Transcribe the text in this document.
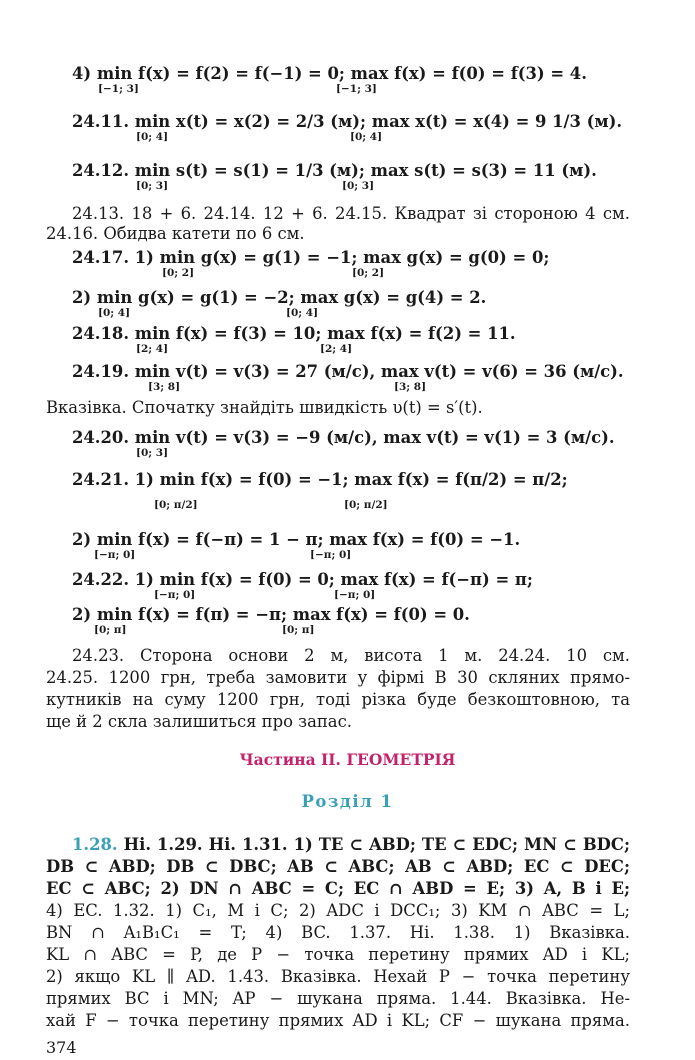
4) min f(x) = f(2) = f(−1) = 0; max f(x) = f(0) = f(3) = 4.
[−1; 3]	[−1; 3]
24.11. min x(t) = x(2) = 2/3 (м); max x(t) = x(4) = 9 1/3 (м).
[0; 4]	[0; 4]
24.12. min s(t) = s(1) = 1/3 (м); max s(t) = s(3) = 11 (м).
[0; 3]	[0; 3]
24.13. 18 + 6. 24.14. 12 + 6. 24.15. Квадрат зі стороною 4 см.
24.16. Обидва катети по 6 см.
24.17. 1) min g(x) = g(1) = −1; max g(x) = g(0) = 0;
[0; 2]	[0; 2]
2) min g(x) = g(1) = −2; max g(x) = g(4) = 2.
[0; 4]	[0; 4]
24.18. min f(x) = f(3) = 10; max f(x) = f(2) = 11.
[2; 4]	[2; 4]
24.19. min v(t) = v(3) = 27 (м/с), max v(t) = v(6) = 36 (м/с).
[3; 8]	[3; 8]
Вказівка. Спочатку знайдіть швидкість υ(t) = s′(t).
24.20. min v(t) = v(3) = −9 (м/с), max v(t) = v(1) = 3 (м/с).
[0; 3]
24.21. 1) min f(x) = f(0) = −1; max f(x) = f(π/2) = π/2;
[0; π/2]	[0; π/2]
2) min f(x) = f(−π) = 1 − π; max f(x) = f(0) = −1.
[−π; 0]	[−π; 0]
24.22. 1) min f(x) = f(0) = 0; max f(x) = f(−π) = π;
[−π; 0]	[−π; 0]
2) min f(x) = f(π) = −π; max f(x) = f(0) = 0.
[0; π]	[0; π]
24.23. Сторона основи 2 м, висота 1 м. 24.24. 10 см.
24.25. 1200 грн, треба замовити у фірмі B 30 скляних прямо-
кутників на суму 1200 грн, тоді різка буде безкоштовною, та
ще й 2 скла залишиться про запас.
Частина II. ГЕОМЕТРІЯ
Розділ 1
1.28. Ні. 1.29. Ні. 1.31. 1) TE ⊂ ABD; TE ⊂ EDC; MN ⊂ BDC;
DB ⊂ ABD; DB ⊂ DBC; AB ⊂ ABC; AB ⊂ ABD; EC ⊂ DEC;
EC ⊂ ABC; 2) DN ∩ ABC = C; EC ∩ ABD = E; 3) A, B і E;
4) EC. 1.32. 1) C₁, M і C; 2) ADC і DCC₁; 3) KM ∩ ABC = L;
BN ∩ A₁B₁C₁ = T; 4) BC. 1.37. Ні. 1.38. 1) Вказівка.
KL ∩ ABC = P, де P − точка перетину прямих AD і KL;
2) якщо KL ∥ AD. 1.43. Вказівка. Нехай P − точка перетину
прямих BC і MN; AP − шукана пряма. 1.44. Вказівка. Не-
хай F − точка перетину прямих AD і KL; CF − шукана пряма.
374
